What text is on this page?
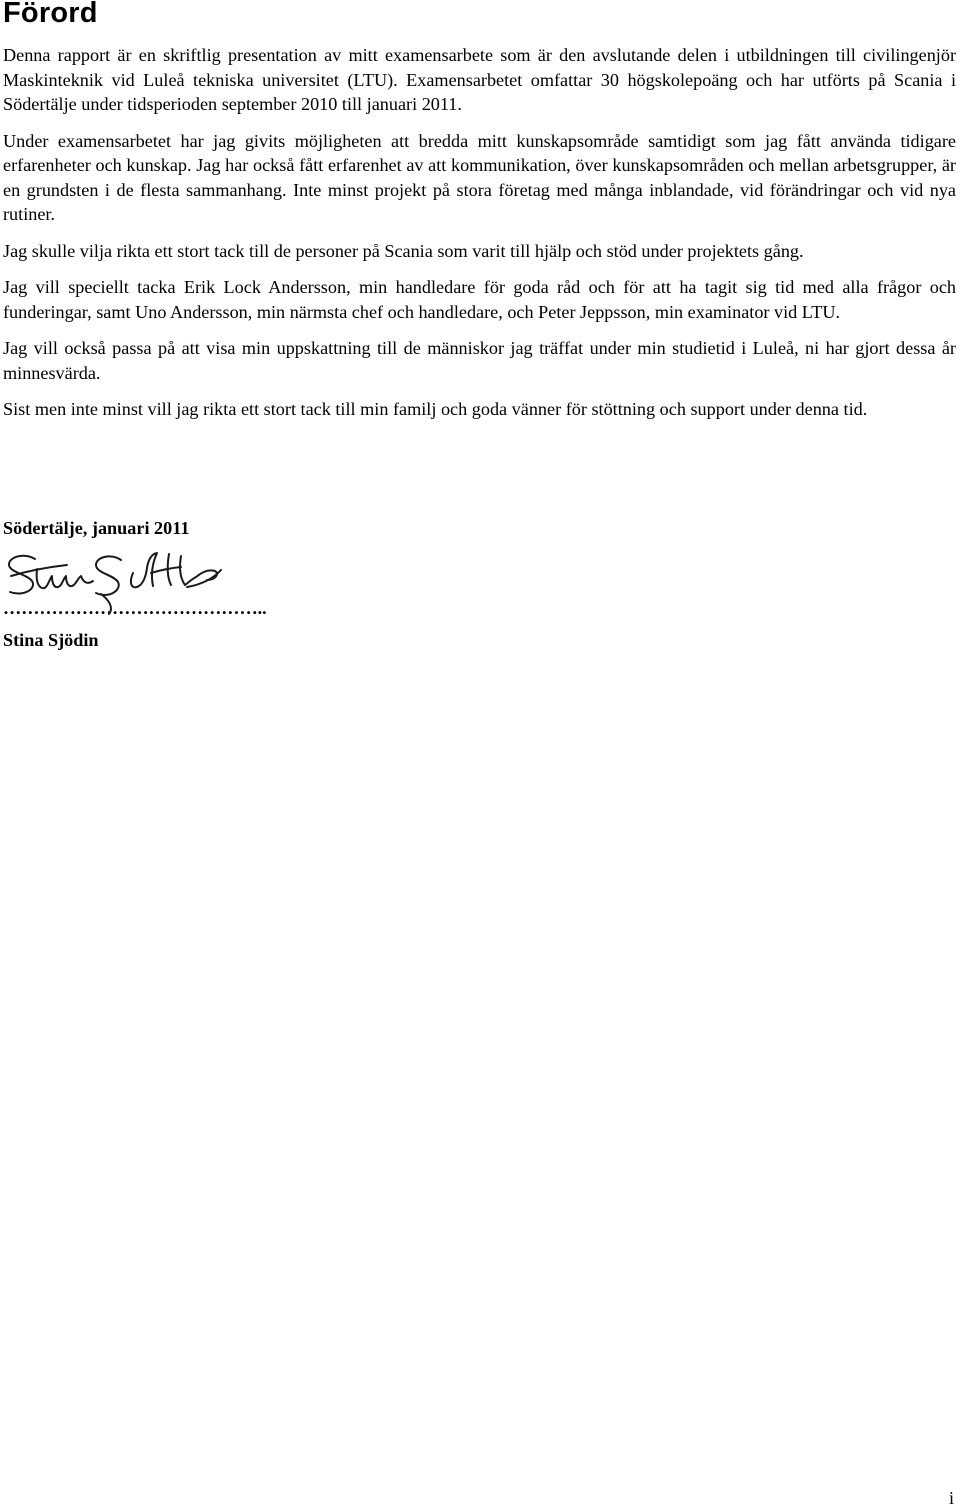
Förord

Denna rapport är en skriftlig presentation av mitt examensarbete som är den avslutande delen i utbildningen till civilingenjör Maskinteknik vid Luleå tekniska universitet (LTU). Examensarbetet omfattar 30 högskolepoäng och har utförts på Scania i Södertälje under tidsperioden september 2010 till januari 2011.

Under examensarbetet har jag givits möjligheten att bredda mitt kunskapsområde samtidigt som jag fått använda tidigare erfarenheter och kunskap. Jag har också fått erfarenhet av att kommunikation, över kunskapsområden och mellan arbetsgrupper, är en grundsten i de flesta sammanhang. Inte minst projekt på stora företag med många inblandade, vid förändringar och vid nya rutiner.

Jag skulle vilja rikta ett stort tack till de personer på Scania som varit till hjälp och stöd under projektets gång.

Jag vill speciellt tacka Erik Lock Andersson, min handledare för goda råd och för att ha tagit sig tid med alla frågor och funderingar, samt Uno Andersson, min närmsta chef och handledare, och Peter Jeppsson, min examinator vid LTU.

Jag vill också passa på att visa min uppskattning till de människor jag träffat under min studietid i Luleå, ni har gjort dessa år minnesvärda.

Sist men inte minst vill jag rikta ett stort tack till min familj och goda vänner för stöttning och support under denna tid.

Södertälje, januari 2011

……………………………………..

Stina Sjödin

i
